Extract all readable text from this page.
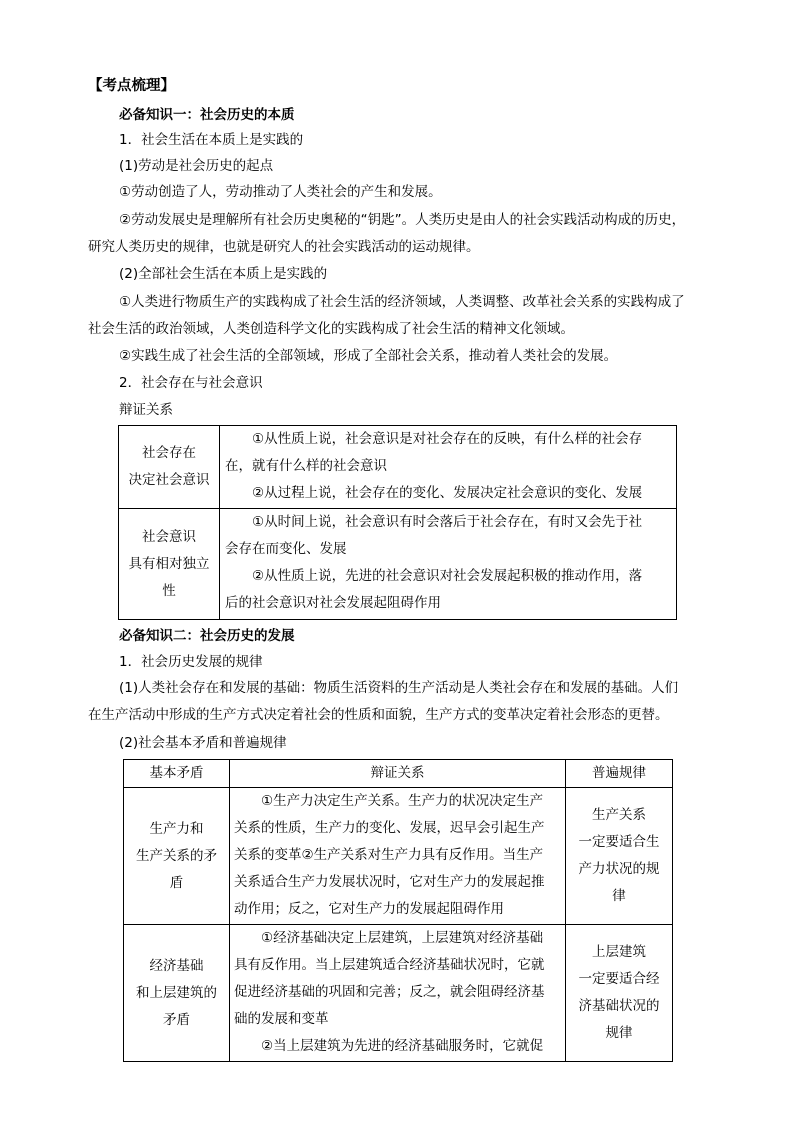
【考点梳理】
必备知识一：社会历史的本质
1．社会生活在本质上是实践的
(1)劳动是社会历史的起点
①劳动创造了人，劳动推动了人类社会的产生和发展。
②劳动发展史是理解所有社会历史奥秘的“钥匙”。人类历史是由人的社会实践活动构成的历史，
研究人类历史的规律，也就是研究人的社会实践活动的运动规律。
(2)全部社会生活在本质上是实践的
①人类进行物质生产的实践构成了社会生活的经济领域，人类调整、改革社会关系的实践构成了
社会生活的政治领域，人类创造科学文化的实践构成了社会生活的精神文化领域。
②实践生成了社会生活的全部领域，形成了全部社会关系，推动着人类社会的发展。
2．社会存在与社会意识
辩证关系
社会存在
决定社会意识	　　①从性质上说，社会意识是对社会存在的反映，有什么样的社会存
在，就有什么样的社会意识
　　②从过程上说，社会存在的变化、发展决定社会意识的变化、发展

社会意识
具有相对独立
性	　　①从时间上说，社会意识有时会落后于社会存在，有时又会先于社
会存在而变化、发展
　　②从性质上说，先进的社会意识对社会发展起积极的推动作用，落
后的社会意识对社会发展起阻碍作用
必备知识二：社会历史的发展
1．社会历史发展的规律
(1)人类社会存在和发展的基础：物质生活资料的生产活动是人类社会存在和发展的基础。人们
在生产活动中形成的生产方式决定着社会的性质和面貌，生产方式的变革决定着社会形态的更替。
(2)社会基本矛盾和普遍规律
基本矛盾	辩证关系	普遍规律

生产力和
生产关系的矛
盾	　　①生产力决定生产关系。生产力的状况决定生产
关系的性质，生产力的变化、发展，迟早会引起生产
关系的变革②生产关系对生产力具有反作用。当生产
关系适合生产力发展状况时，它对生产力的发展起推
动作用；反之，它对生产力的发展起阻碍作用	生产关系
一定要适合生
产力状况的规
律

经济基础
和上层建筑的
矛盾	　　①经济基础决定上层建筑，上层建筑对经济基础
具有反作用。当上层建筑适合经济基础状况时，它就
促进经济基础的巩固和完善；反之，就会阻碍经济基
础的发展和变革
　　②当上层建筑为先进的经济基础服务时，它就促	上层建筑
一定要适合经
济基础状况的
规律
